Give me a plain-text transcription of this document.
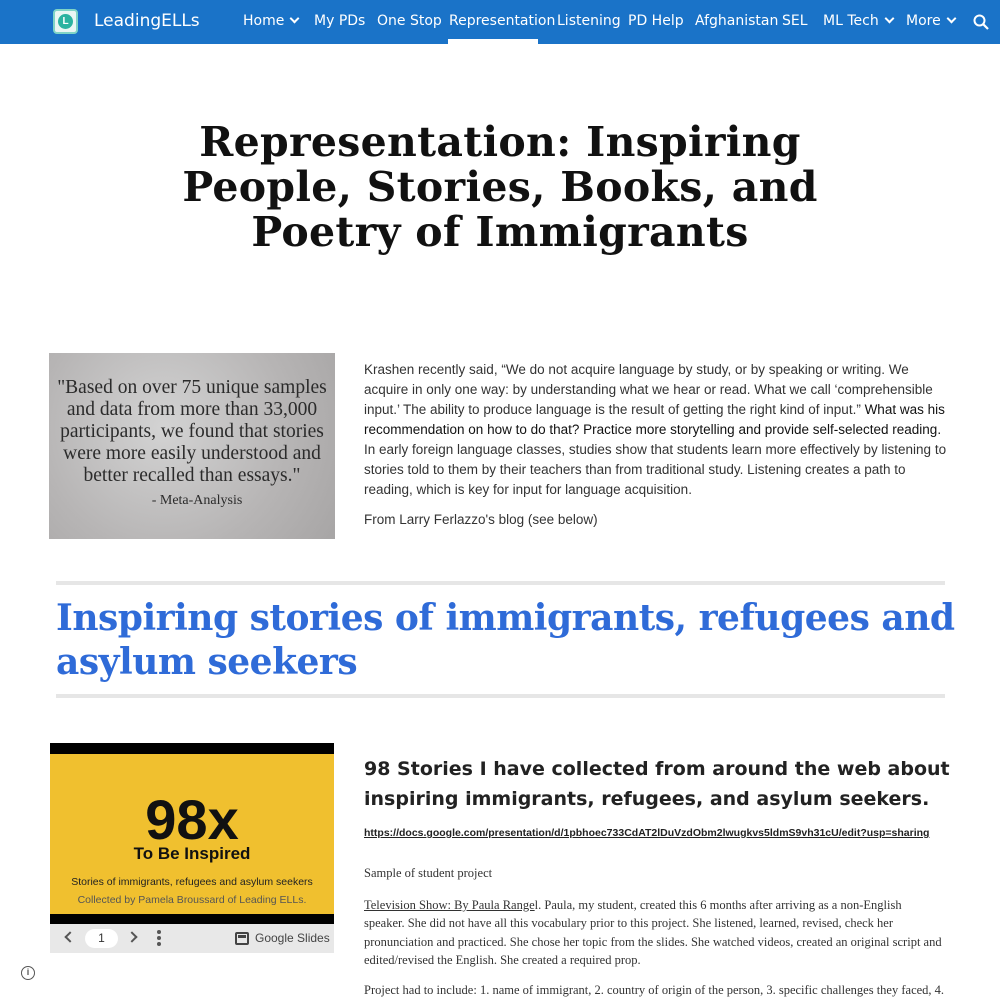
L LeadingELLs	Home	My PDs One Stop Representation Listening PD Help Afghanistan SEL ML Tech	More
Representation: Inspiring
People, Stories, Books, and
Poetry of Immigrants
"Based on over 75 unique samples and data from more than 33,000 participants, we found that stories were more easily understood and better recalled than essays."
- Meta-Analysis

Krashen recently said, “We do not acquire language by study, or by speaking or writing. We acquire in only one way: by understanding what we hear or read. What we call ‘comprehensible input.’ The ability to produce language is the result of getting the right kind of input.” What was his recommendation on how to do that? Practice more storytelling and provide self-selected reading. In early foreign language classes, studies show that students learn more effectively by listening to stories told to them by their teachers than from traditional study. Listening creates a path to reading, which is key for input for language acquisition.

From Larry Ferlazzo's blog (see below)

Inspiring stories of immigrants, refugees and asylum seekers
98x
To Be Inspired
Stories of immigrants, refugees and asylum seekers
Collected by Pamela Broussard of Leading ELLs.
1	Google Slides
98 Stories I have collected from around the web about inspiring immigrants, refugees, and asylum seekers.
https://docs.google.com/presentation/d/1pbhoec733CdAT2lDuVzdObm2lwugkvs5ldmS9vh31cU/edit?usp=sharing

Sample of student project

Television Show: By Paula Rangel. Paula, my student, created this 6 months after arriving as a non-English speaker. She did not have all this vocabulary prior to this project. She listened, learned, revised, check her pronunciation and practiced. She chose her topic from the slides. She watched videos, created an original script and edited/revised the English. She created a required prop.

Project had to include: 1. name of immigrant, 2. country of origin of the person, 3. specific challenges they faced, 4.

i
